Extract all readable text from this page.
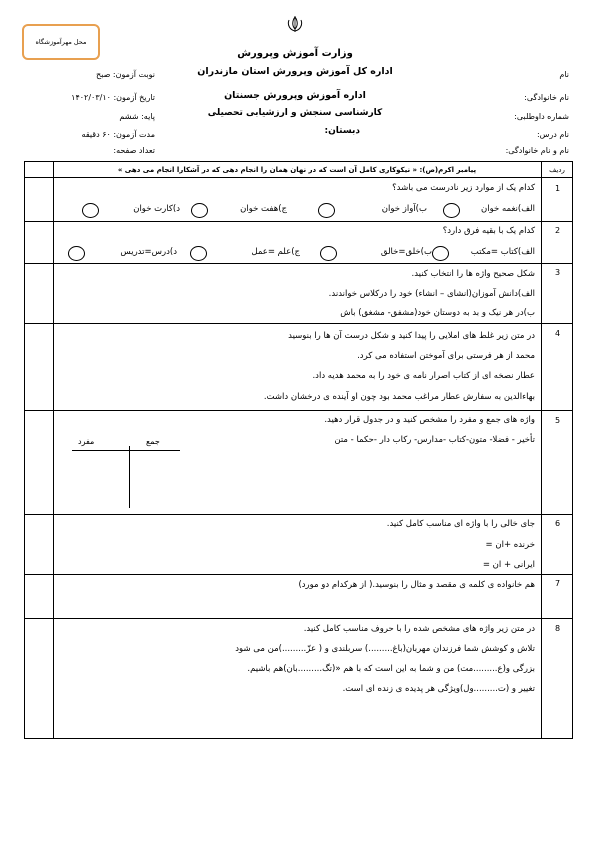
محل مهرآموزشگاه
وزارت آموزش وپرورش
اداره کل آموزش وپرورش استان مازندران
اداره آموزش وپرورش جسنتان
کارشناسی سنجش و ارزشیابی تحصیلی
دبستان:
نام
نام خانوادگی:
شماره داوطلبی:
نام درس:
نام و نام خانوادگی:
نوبت آزمون: صبح
تاریخ آزمون: ۱۴۰۲/۰۳/۱۰
پایه: ششم
مدت آزمون: ۶۰ دقیقه
تعداد صفحه:
ردیف
پیامبر اکرم(ص): « نیکوکاری کامل آن است که در نهان همان را انجام دهی که در آشکارا انجام می دهی »
1
کدام یک از موارد زیر نادرست می باشد؟
الف)نغمه خوان
ب)آواز خوان
ج)هفت خوان
د)کارت خوان
2
کدام یک با بقیه فرق دارد؟
الف)کتاب =مکتب
ب)خلق=خالق
ج)علم =عمل
د)درس=تدریس
3
شکل صحیح واژه ها را انتخاب کنید.
الف)دانش آموزان(انشای – انشاء) خود را درکلاس خواندند.
ب)در هر نیک و بد به دوستان خود(مشفق- مشغق) باش
4
در متن زیر غلط های املایی را پیدا کنید و شکل درست آن ها را بنوسید
محمد از هر فرستی برای آموختن استفاده می کرد.
عطار نصخه ای از کتاب اصرار نامه ی خود را به محمد هدیه داد.
بهاءالدین به سفارش عطار مراغب محمد بود چون او آینده ی درخشان داشت.
5
واژه های جمع و مفرد را مشخص کنید و در جدول قرار دهید.
تأخیر - فضلا- متون-کتاب -مدارس- رکاب دار -حکما - متن
جمع
مفرد
6
جای خالی را با واژه ای مناسب کامل کنید.
خرنده +ان =
ایرانی + ان =
7
هم خانواده ی کلمه ی مقصد و مثال را بنوسید.( از هرکدام دو مورد)
8
در متن زیر واژه های مشخص شده را با حروف مناسب کامل کنید.
تلاش و کوشش شما فرزندان مهربان(باغ.........) سربلندی و ( عزّ.........)من می شود
بزرگی و(ع.........مت) من و شما به این است که با هم «(تگ.........بان)هم باشیم.
تغییر و (ت.........ول)ویژگی هر پدیده ی زنده ای است.
